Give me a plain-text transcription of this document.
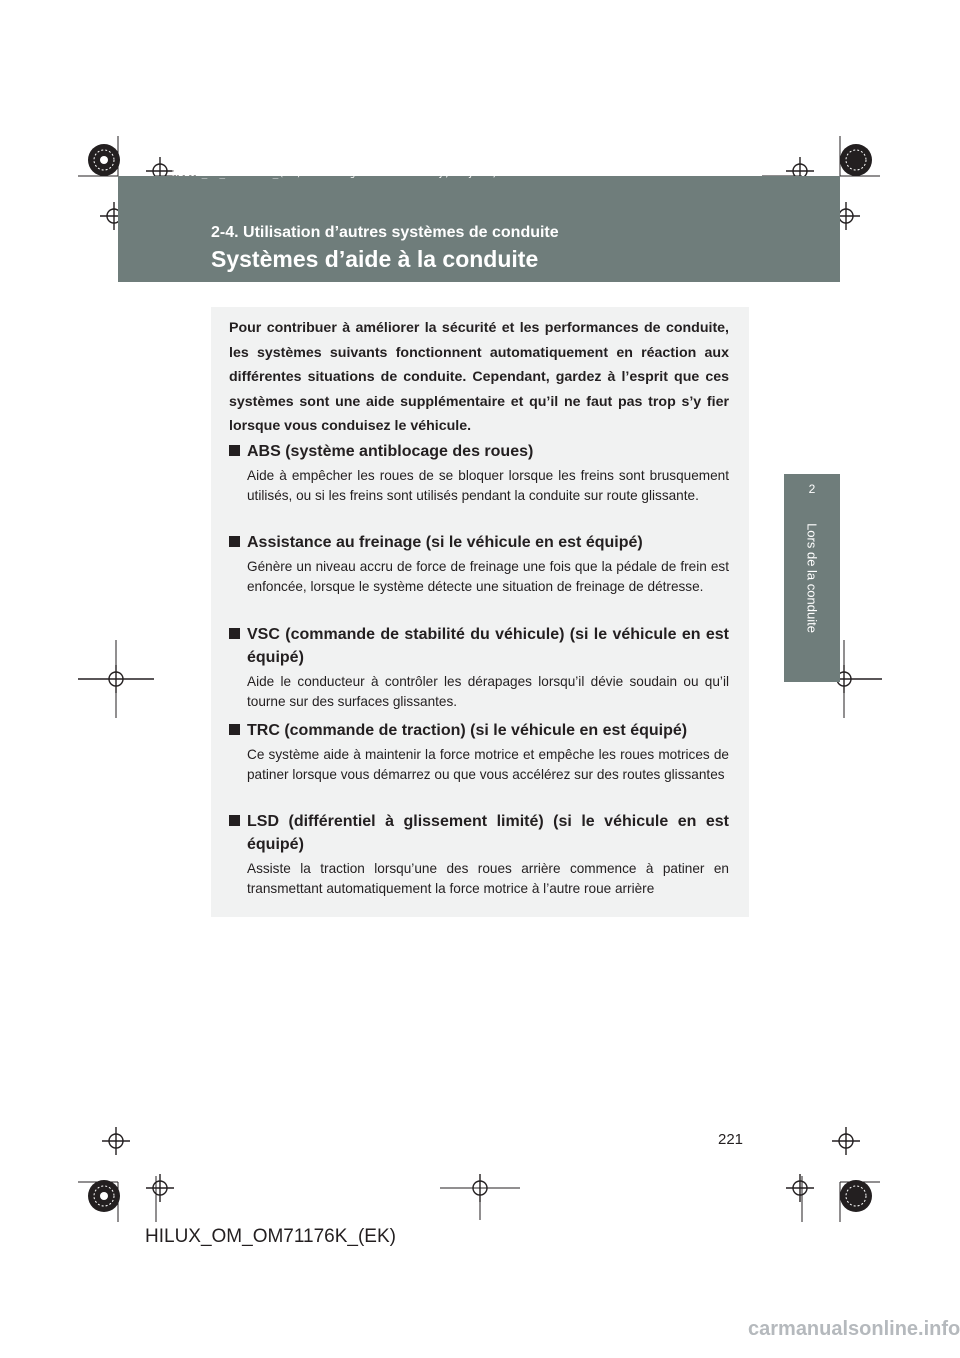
HILUX_OM_OM71176K_(EK).book Page 221 Wednesday, May 16, 2012 2:32 PM
2-4. Utilisation d’autres systèmes de conduite
Systèmes d’aide à la conduite
2
Lors de la conduite

Pour contribuer à améliorer la sécurité et les performances de conduite, les systèmes suivants fonctionnent automatiquement en réaction aux différentes situations de conduite. Cependant, gardez à l’esprit que ces systèmes sont une aide supplémentaire et qu’il ne faut pas trop s’y fier lorsque vous conduisez le véhicule.

ABS (système antiblocage des roues)

Aide à empêcher les roues de se bloquer lorsque les freins sont brusquement utilisés, ou si les freins sont utilisés pendant la conduite sur route glissante.

Assistance au freinage (si le véhicule en est équipé)

Génère un niveau accru de force de freinage une fois que la pédale de frein est enfoncée, lorsque le système détecte une situation de freinage de détresse.

VSC (commande de stabilité du véhicule) (si le véhicule en est équipé)

Aide le conducteur à contrôler les dérapages lorsqu’il dévie soudain ou qu’il tourne sur des surfaces glissantes.

TRC (commande de traction) (si le véhicule en est équipé)

Ce système aide à maintenir la force motrice et empêche les roues motrices de patiner lorsque vous démarrez ou que vous accélérez sur des routes glissantes

LSD (différentiel à glissement limité) (si le véhicule en est équipé)

Assiste la traction lorsqu’une des roues arrière commence à patiner en transmettant automatiquement la force motrice à l’autre roue arrière

221
HILUX_OM_OM71176K_(EK)
carmanualsonline.info
